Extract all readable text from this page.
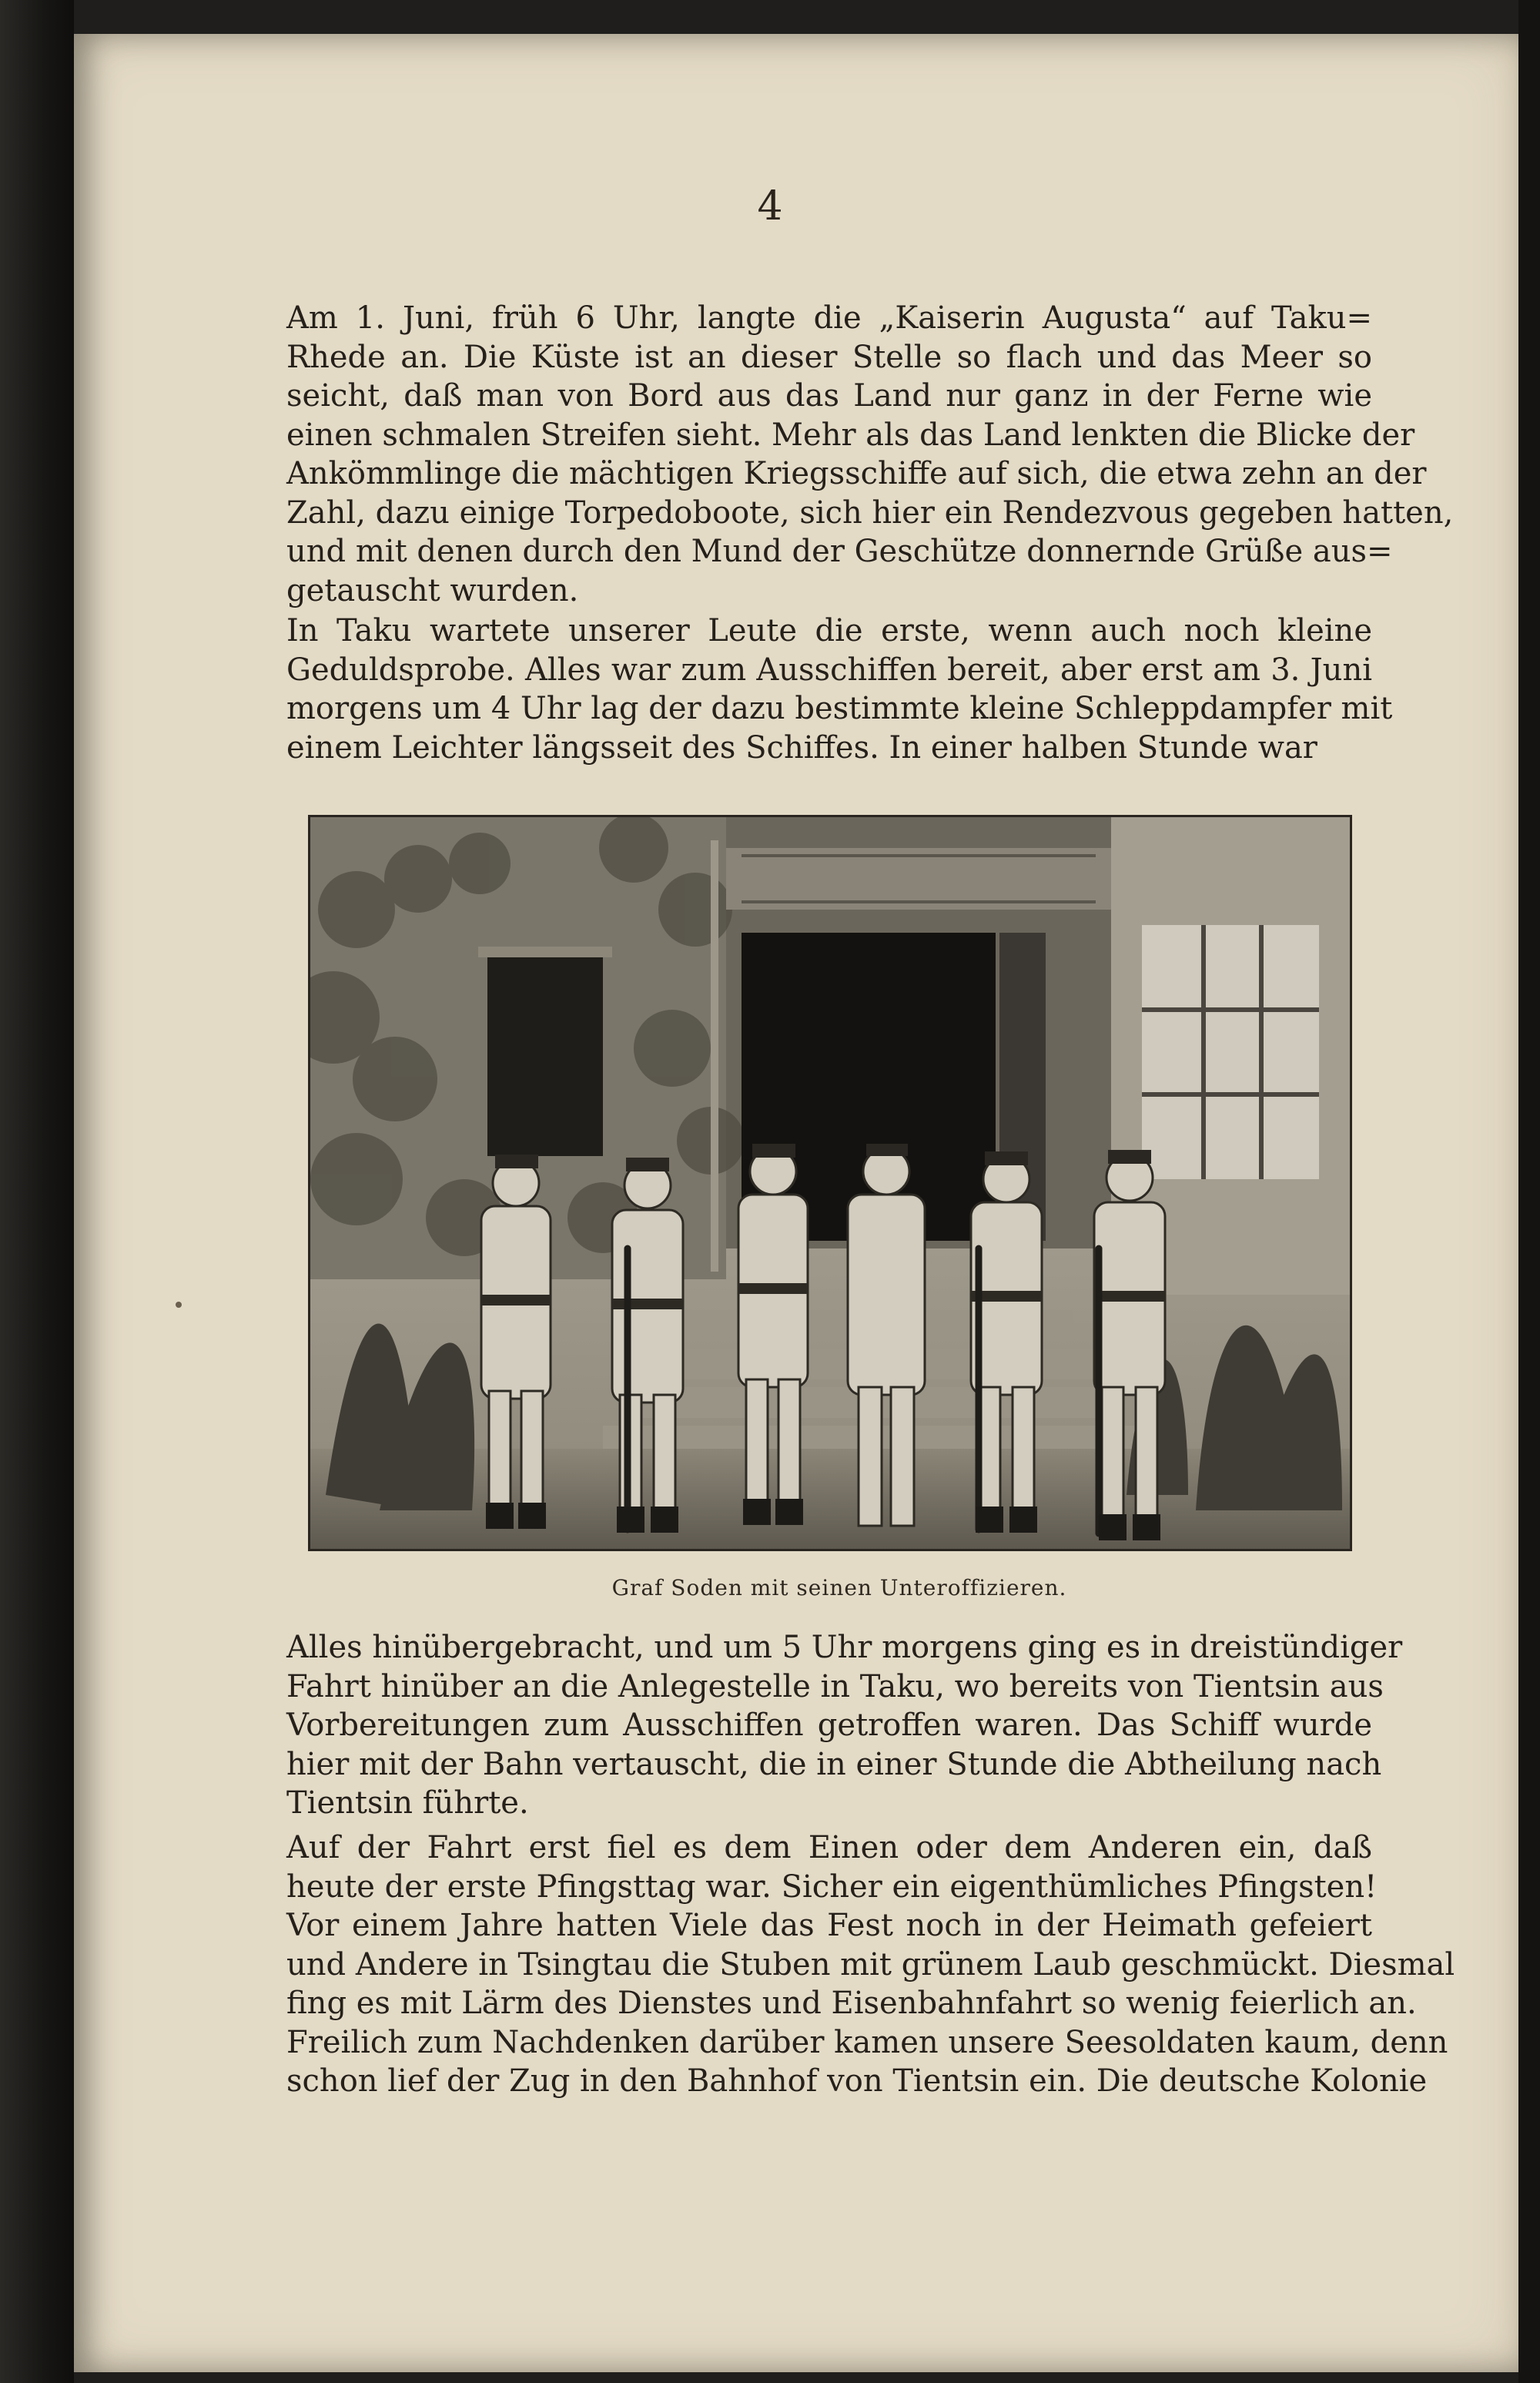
4

Am 1. Juni, früh 6 Uhr, langte die „Kaiserin Augusta“ auf Taku=
Rhede an. Die Küste ist an dieser Stelle so flach und das Meer so
seicht, daß man von Bord aus das Land nur ganz in der Ferne wie
einen schmalen Streifen sieht. Mehr als das Land lenkten die Blicke der
Ankömmlinge die mächtigen Kriegsschiffe auf sich, die etwa zehn an der
Zahl, dazu einige Torpedoboote, sich hier ein Rendezvous gegeben hatten,
und mit denen durch den Mund der Geschütze donnernde Grüße aus=
getauscht wurden.

In Taku wartete unserer Leute die erste, wenn auch noch kleine
Geduldsprobe. Alles war zum Ausschiffen bereit, aber erst am 3. Juni
morgens um 4 Uhr lag der dazu bestimmte kleine Schleppdampfer mit
einem Leichter längsseit des Schiffes. In einer halben Stunde war

Graf Soden mit seinen Unteroffizieren.

Alles hinübergebracht, und um 5 Uhr morgens ging es in dreistündiger
Fahrt hinüber an die Anlegestelle in Taku, wo bereits von Tientsin aus
Vorbereitungen zum Ausschiffen getroffen waren. Das Schiff wurde
hier mit der Bahn vertauscht, die in einer Stunde die Abtheilung nach
Tientsin führte.

Auf der Fahrt erst fiel es dem Einen oder dem Anderen ein, daß
heute der erste Pfingsttag war. Sicher ein eigenthümliches Pfingsten!
Vor einem Jahre hatten Viele das Fest noch in der Heimath gefeiert
und Andere in Tsingtau die Stuben mit grünem Laub geschmückt. Diesmal
fing es mit Lärm des Dienstes und Eisenbahnfahrt so wenig feierlich an.
Freilich zum Nachdenken darüber kamen unsere Seesoldaten kaum, denn
schon lief der Zug in den Bahnhof von Tientsin ein. Die deutsche Kolonie
